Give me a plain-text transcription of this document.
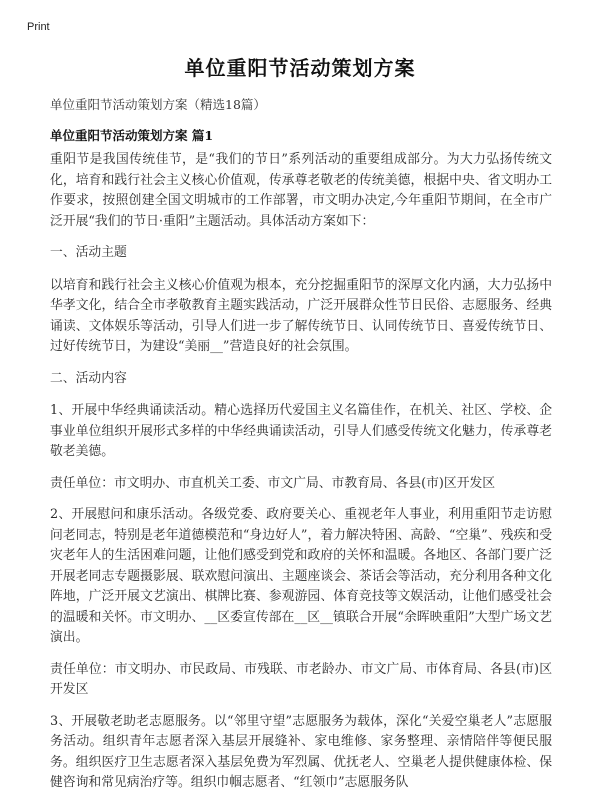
Print
单位重阳节活动策划方案
单位重阳节活动策划方案（精选18篇）
单位重阳节活动策划方案 篇1

重阳节是我国传统佳节，是“我们的节日”系列活动的重要组成部分。为大力弘扬传统文化，培育和践行社会主义核心价值观，传承尊老敬老的传统美德，根据中央、省文明办工作要求，按照创建全国文明城市的工作部署，市文明办决定,今年重阳节期间，在全市广泛开展“我们的节日·重阳”主题活动。具体活动方案如下：

一、活动主题

以培育和践行社会主义核心价值观为根本，充分挖掘重阳节的深厚文化内涵，大力弘扬中华孝文化，结合全市孝敬教育主题实践活动，广泛开展群众性节日民俗、志愿服务、经典诵读、文体娱乐等活动，引导人们进一步了解传统节日、认同传统节日、喜爱传统节日、过好传统节日，为建设“美丽__”营造良好的社会氛围。

二、活动内容

1、开展中华经典诵读活动。精心选择历代爱国主义名篇佳作，在机关、社区、学校、企事业单位组织开展形式多样的中华经典诵读活动，引导人们感受传统文化魅力，传承尊老敬老美德。

责任单位：市文明办、市直机关工委、市文广局、市教育局、各县(市)区开发区

2、开展慰问和康乐活动。各级党委、政府要关心、重视老年人事业，利用重阳节走访慰问老同志，特别是老年道德模范和“身边好人”，着力解决特困、高龄、“空巢”、残疾和受灾老年人的生活困难问题，让他们感受到党和政府的关怀和温暖。各地区、各部门要广泛开展老同志专题摄影展、联欢慰问演出、主题座谈会、茶话会等活动，充分利用各种文化阵地，广泛开展文艺演出、棋牌比赛、参观游园、体育竞技等文娱活动，让他们感受社会的温暖和关怀。市文明办、__区委宣传部在__区__镇联合开展“余晖映重阳”大型广场文艺演出。

责任单位：市文明办、市民政局、市残联、市老龄办、市文广局、市体育局、各县(市)区开发区

3、开展敬老助老志愿服务。以“邻里守望”志愿服务为载体，深化“关爱空巢老人”志愿服务活动。组织青年志愿者深入基层开展缝补、家电维修、家务整理、亲情陪伴等便民服务。组织医疗卫生志愿者深入基层免费为军烈属、优抚老人、空巢老人提供健康体检、保健咨询和常见病治疗等。组织巾帼志愿者、“红领巾”志愿服务队
